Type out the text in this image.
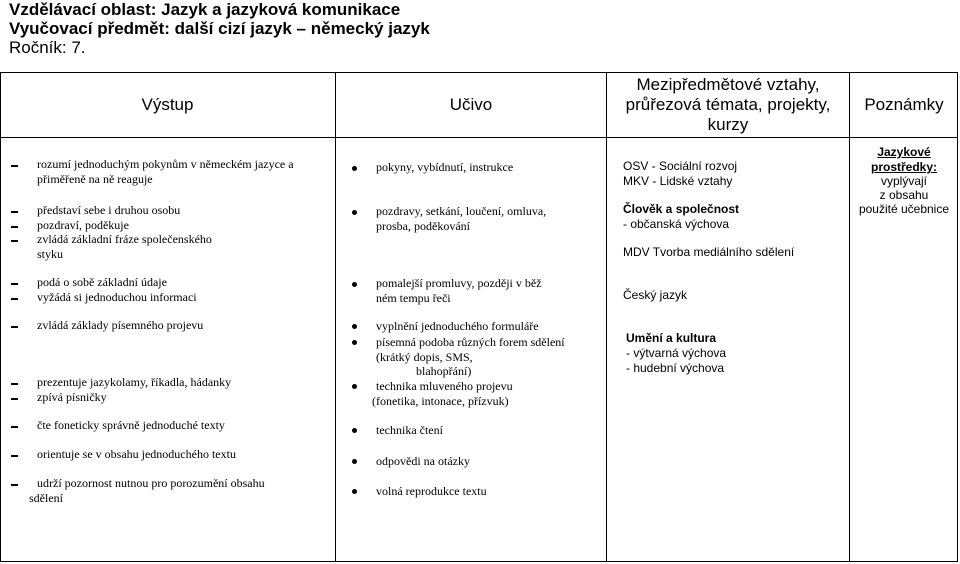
Vzdělávací oblast: Jazyk a jazyková komunikace
Vyučovací předmět: další cizí jazyk – německý jazyk
Ročník: 7.
Výstup	Učivo
Mezipředmětové vztahy,
průřezová témata, projekty,
kurzy
Poznámky
rozumí jednoduchým pokynům v německém jazyce a
přiměřeně na ně reaguje
představí sebe i druhou osobu
pozdraví, poděkuje
zvládá základní fráze společenského
styku
podá o sobě základní údaje
vyžádá si jednoduchou informaci
zvládá základy písemného projevu
prezentuje jazykolamy, říkadla, hádanky
zpívá písničky
čte foneticky správně jednoduché texty
orientuje se v obsahu jednoduchého textu
udrží pozornost nutnou pro porozumění obsahu
sdělení
pokyny, vybídnutí, instrukce
pozdravy, setkání, loučení, omluva,
prosba, poděkování
pomalejší promluvy, později v běž
ném tempu řeči
vyplnění jednoduchého formuláře
písemná podoba různých forem sdělení
(krátký dopis, SMS,
blahopřání)
technika mluveného projevu
(fonetika, intonace, přízvuk)
technika čtení
odpovědi na otázky
volná reprodukce textu
OSV - Sociální rozvoj
MKV - Lidské vztahy
Člověk a společnost
- občanská výchova
MDV Tvorba mediálního sdělení
Český jazyk
Umění a kultura
- výtvarná výchova
- hudební výchova
Jazykové
prostředky:
vyplývají
z obsahu
použité učebnice
